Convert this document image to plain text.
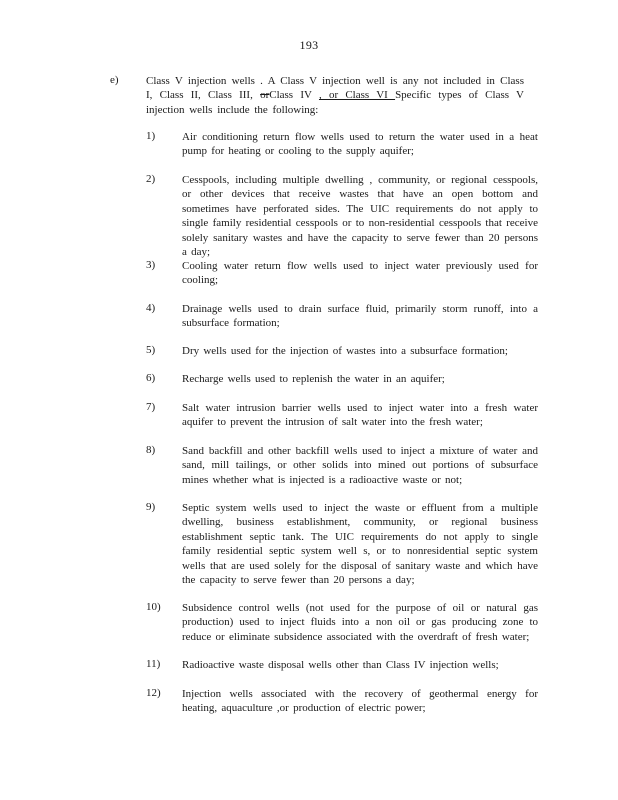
193
e) Class V injection wells . A Class V injection well is any not included in Class I, Class II, Class III, orClass IV , or Class VI Specific types of Class V injection wells include the following:
1) Air conditioning return flow wells used to return the water used in a heat pump for heating or cooling to the supply aquifer;
2) Cesspools, including multiple dwelling , community, or regional cesspools, or other devices that receive wastes that have an open bottom and sometimes have perforated sides. The UIC requirements do not apply to single family residential cesspools or to non-residential cesspools that receive solely sanitary wastes and have the capacity to serve fewer than 20 persons a day;
3) Cooling water return flow wells used to inject water previously used for cooling;
4) Drainage wells used to drain surface fluid, primarily storm runoff, into a subsurface formation;
5) Dry wells used for the injection of wastes into a subsurface formation;
6) Recharge wells used to replenish the water in an aquifer;
7) Salt water intrusion barrier wells used to inject water into a fresh water aquifer to prevent the intrusion of salt water into the fresh water;
8) Sand backfill and other backfill wells used to inject a mixture of water and sand, mill tailings, or other solids into mined out portions of subsurface mines whether what is injected is a radioactive waste or not;
9) Septic system wells used to inject the waste or effluent from a multiple dwelling, business establishment, community, or regional business establishment septic tank. The UIC requirements do not apply to single family residential septic system well s, or to nonresidential septic system wells that are used solely for the disposal of sanitary waste and which have the capacity to serve fewer than 20 persons a day;
10) Subsidence control wells (not used for the purpose of oil or natural gas production) used to inject fluids into a non oil or gas producing zone to reduce or eliminate subsidence associated with the overdraft of fresh water;
11) Radioactive waste disposal wells other than Class IV injection wells;
12) Injection wells associated with the recovery of geothermal energy for heating, aquaculture ,or production of electric power;
